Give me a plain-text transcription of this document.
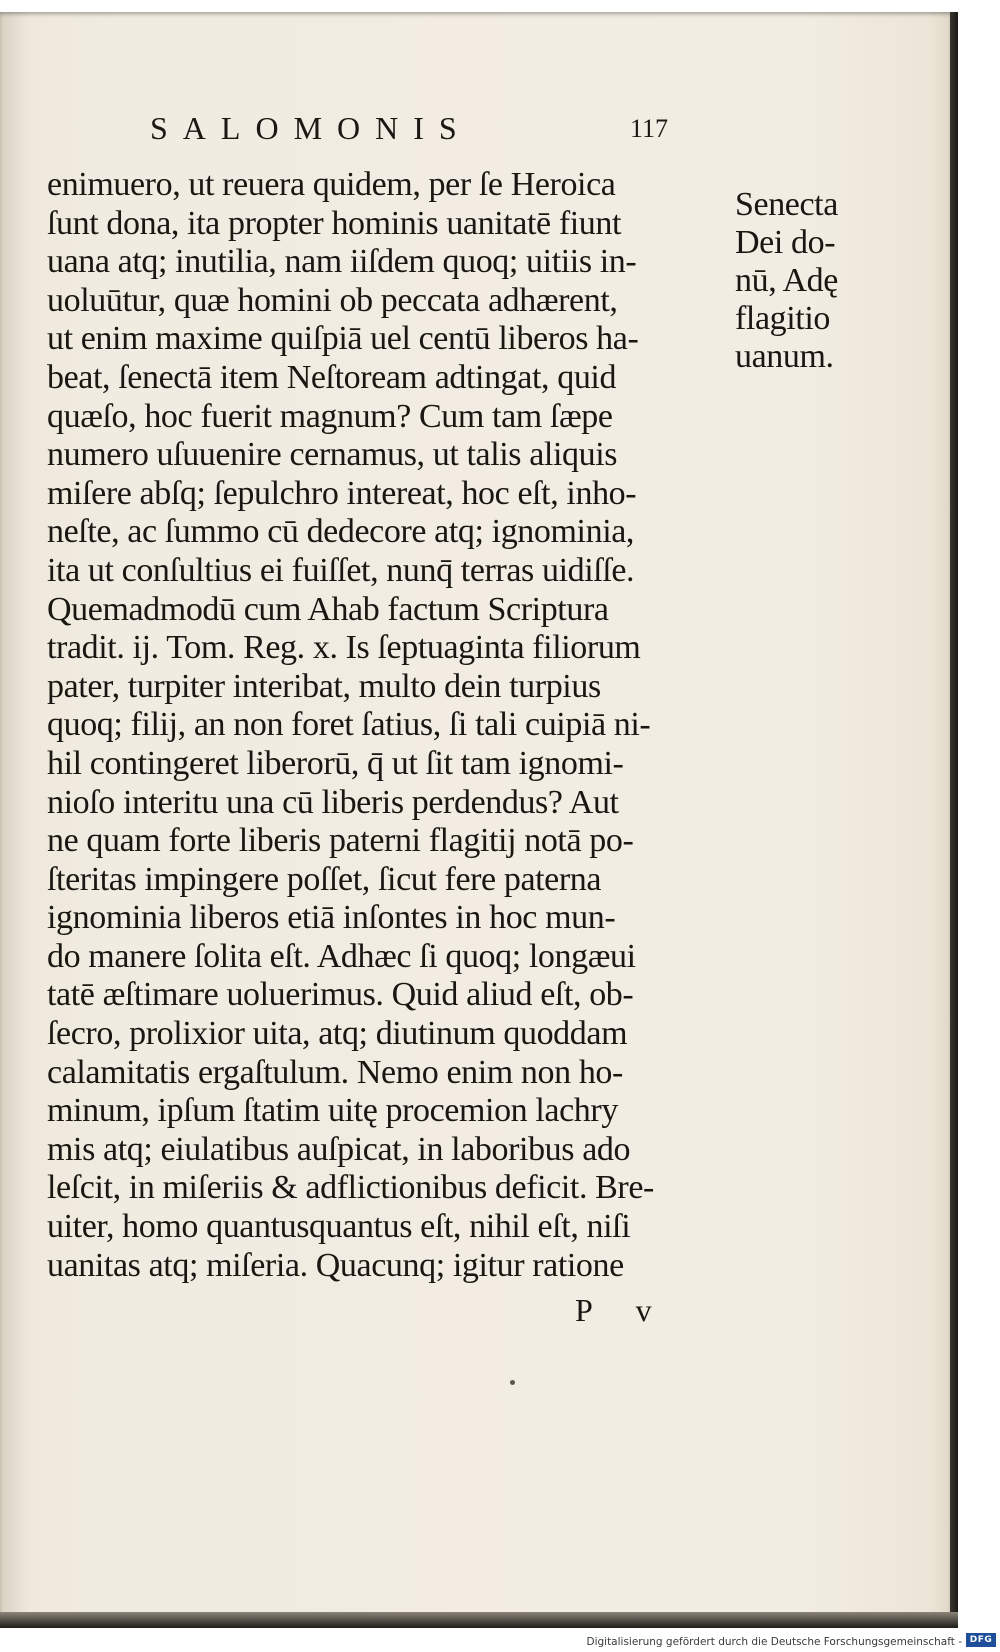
SALOMONIS	117
enimuero, ut reuera quidem, per ſe Heroica
ſunt dona, ita propter hominis uanitatē fiunt
uana atq; inutilia, nam iiſdem quoq; uitiis in-
uoluūtur, quæ homini ob peccata adhærent,
ut enim maxime quiſpiā uel centū liberos ha-
beat, ſenectā item Neſtoream adtingat, quid
quæſo, hoc fuerit magnum? Cum tam ſæpe
numero uſuuenire cernamus, ut talis aliquis
miſere abſq; ſepulchro intereat, hoc eſt, inho-
neſte, ac ſummo cū dedecore atq; ignominia,
ita ut conſultius ei fuiſſet, nunq̄ terras uidiſſe.
Quemadmodū cum Ahab factum Scriptura
tradit. ij. Tom. Reg. x. Is ſeptuaginta filiorum
pater, turpiter interibat, multo dein turpius
quoq; filij, an non foret ſatius, ſi tali cuipiā ni-
hil contingeret liberorū, q̄ ut ſit tam ignomi-
nioſo interitu una cū liberis perdendus? Aut
ne quam forte liberis paterni flagitij notā po-
ſteritas impingere poſſet, ſicut fere paterna
ignominia liberos etiā inſontes in hoc mun-
do manere ſolita eſt. Adhæc ſi quoq; longæui
tatē æſtimare uoluerimus. Quid aliud eſt, ob-
ſecro, prolixior uita, atq; diutinum quoddam
calamitatis ergaſtulum. Nemo enim non ho-
minum, ipſum ſtatim uitę procemion lachry
mis atq; eiulatibus auſpicat, in laboribus ado
leſcit, in miſeriis & adflictionibus deficit. Bre-
uiter, homo quantusquantus eſt, nihil eſt, niſi
uanitas atq; miſeria. Quacunq; igitur ratione
Senecta
Dei do-
nū, Adę
flagitio
uanum.
P v
Digitalisierung gefördert durch die Deutsche Forschungsgemeinschaft - DFG
